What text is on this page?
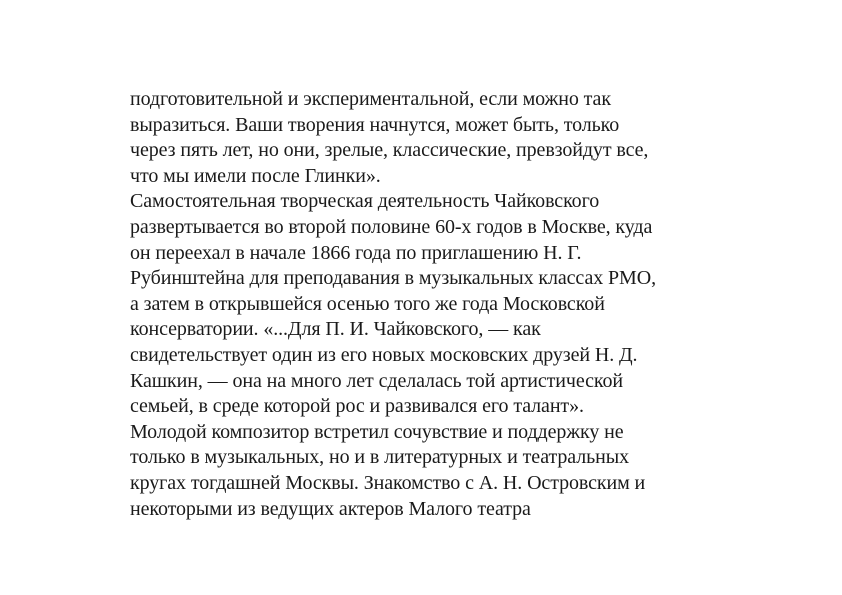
подготовительной и экспериментальной, если можно так
выразиться. Ваши творения начнутся, может быть, только
через пять лет, но они, зрелые, классические, превзойдут все,
что мы имели после Глинки».
Самостоятельная творческая деятельность Чайковского
развертывается во второй половине 60-х годов в Москве, куда
он переехал в начале 1866 года по приглашению Н. Г.
Рубинштейна для преподавания в музыкальных классах РМО,
а затем в открывшейся осенью того же года Московской
консерватории. «...Для П. И. Чайковского, — как
свидетельствует один из его новых московских друзей Н. Д.
Кашкин, — она на много лет сделалась той артистической
семьей, в среде которой рос и развивался его талант».
Молодой композитор встретил сочувствие и поддержку не
только в музыкальных, но и в литературных и театральных
кругах тогдашней Москвы. Знакомство с А. Н. Островским и
некоторыми из ведущих актеров Малого театра
